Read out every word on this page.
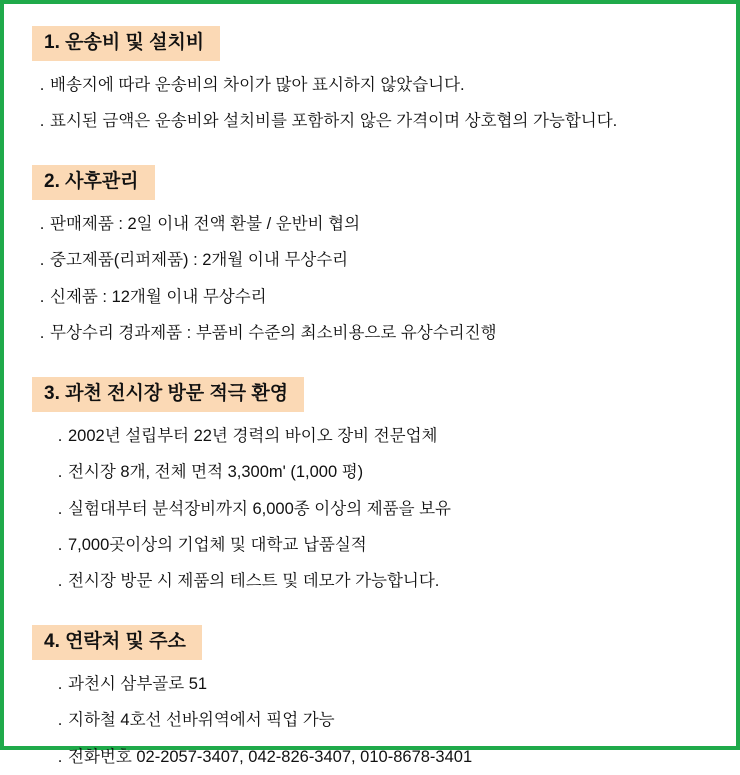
1. 운송비 및 설치비
. 배송지에 따라 운송비의 차이가 많아 표시하지 않았습니다.
. 표시된 금액은 운송비와 설치비를 포함하지 않은 가격이며 상호협의 가능합니다.
2. 사후관리
. 판매제품 : 2일 이내 전액 환불 / 운반비 협의
. 중고제품(리퍼제품) : 2개월 이내 무상수리
. 신제품 : 12개월 이내 무상수리
. 무상수리 경과제품 : 부품비 수준의 최소비용으로 유상수리진행
3. 과천 전시장 방문 적극 환영
. 2002년 설립부터 22년 경력의 바이오 장비 전문업체
. 전시장 8개, 전체 면적 3,300m' (1,000 평)
. 실험대부터 분석장비까지 6,000종 이상의 제품을 보유
. 7,000곳이상의 기업체 및 대학교 납품실적
. 전시장 방문 시 제품의 테스트 및 데모가 가능합니다.
4. 연락처 및 주소
. 과천시 삼부골로 51
. 지하철 4호선 선바위역에서 픽업 가능
. 전화번호 02-2057-3407, 042-826-3407, 010-8678-3401
